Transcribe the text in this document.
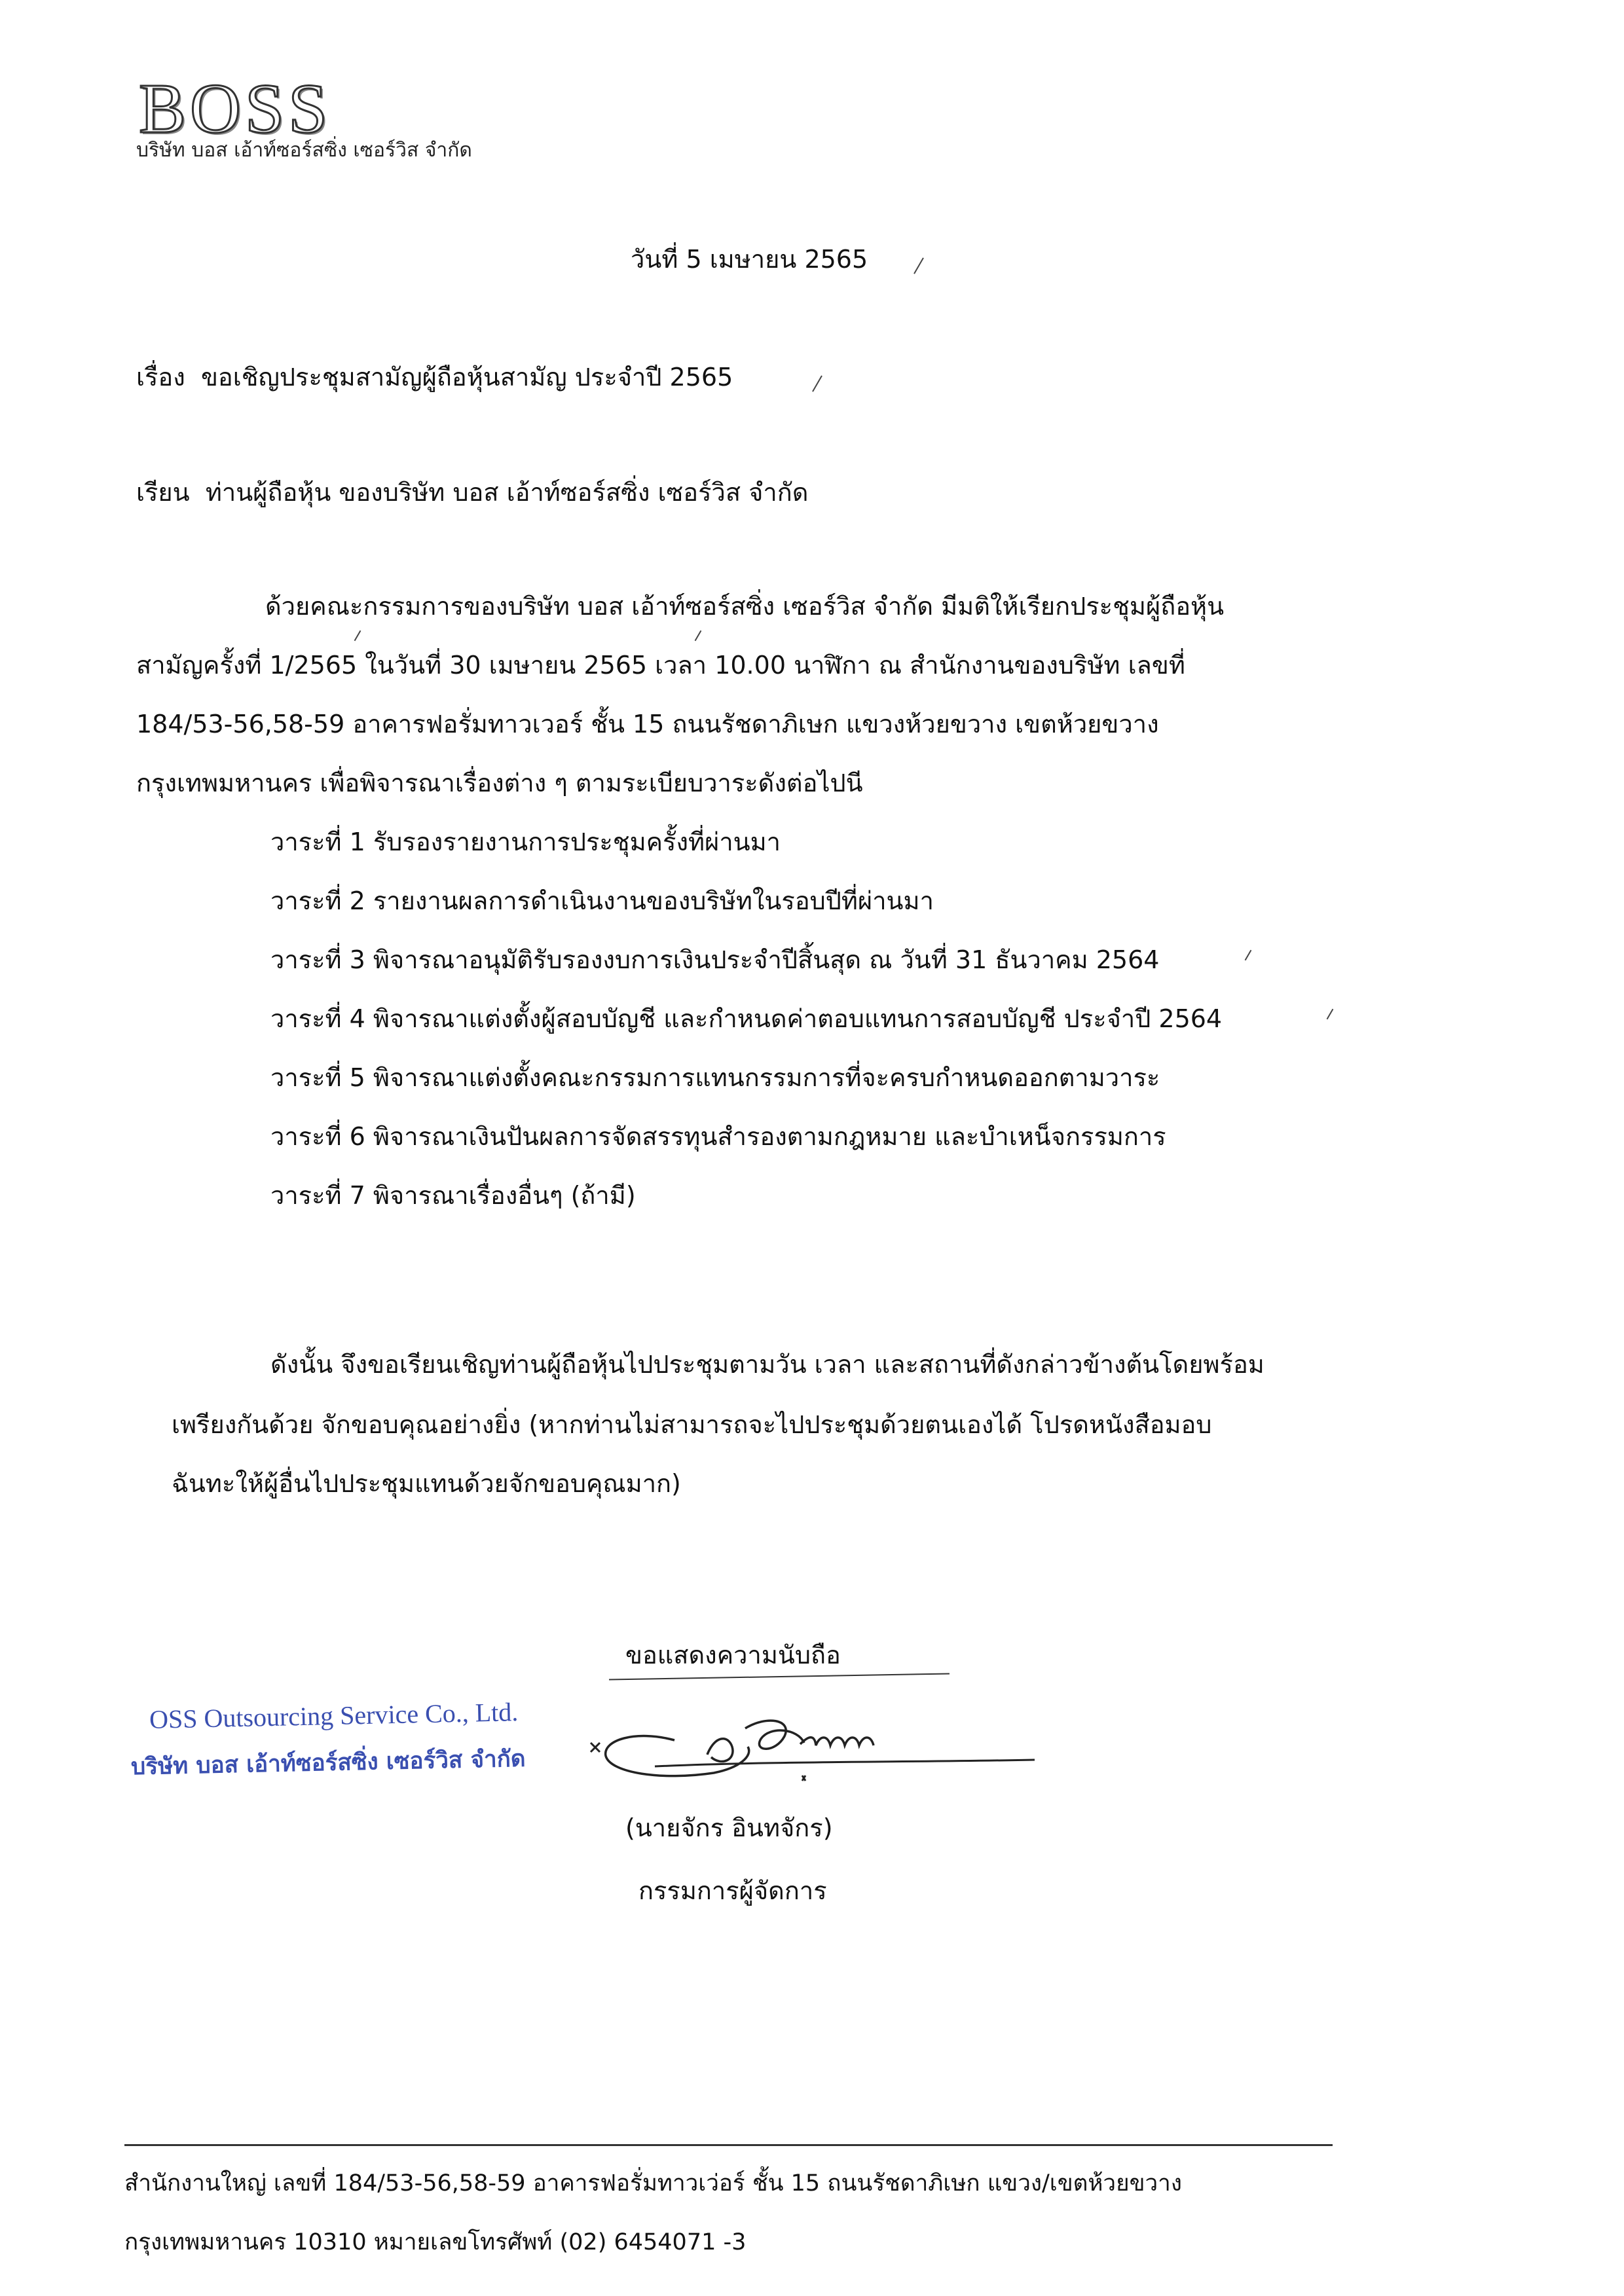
BOSS
บริษัท บอส เอ้าท์ซอร์สซิ่ง เซอร์วิส จำกัด
วันที่ 5 เมษายน 2565
เรื่อง ขอเชิญประชุมสามัญผู้ถือหุ้นสามัญ ประจำปี 2565
เรียน ท่านผู้ถือหุ้น ของบริษัท บอส เอ้าท์ซอร์สซิ่ง เซอร์วิส จำกัด
ด้วยคณะกรรมการของบริษัท บอส เอ้าท์ซอร์สซิ่ง เซอร์วิส จำกัด มีมติให้เรียกประชุมผู้ถือหุ้น
สามัญครั้งที่ 1/2565 ในวันที่ 30 เมษายน 2565 เวลา 10.00 นาฬิกา ณ สำนักงานของบริษัท เลขที่
184/53-56,58-59 อาคารฟอรั่มทาวเวอร์ ชั้น 15 ถนนรัชดาภิเษก แขวงห้วยขวาง เขตห้วยขวาง
กรุงเทพมหานคร เพื่อพิจารณาเรื่องต่าง ๆ ตามระเบียบวาระดังต่อไปนี
วาระที่ 1 รับรองรายงานการประชุมครั้งที่ผ่านมา
วาระที่ 2 รายงานผลการดำเนินงานของบริษัทในรอบปีที่ผ่านมา
วาระที่ 3 พิจารณาอนุมัติรับรองงบการเงินประจำปีสิ้นสุด ณ วันที่ 31 ธันวาคม 2564
วาระที่ 4 พิจารณาแต่งตั้งผู้สอบบัญชี และกำหนดค่าตอบแทนการสอบบัญชี ประจำปี 2564
วาระที่ 5 พิจารณาแต่งตั้งคณะกรรมการแทนกรรมการที่จะครบกำหนดออกตามวาระ
วาระที่ 6 พิจารณาเงินปันผลการจัดสรรทุนสำรองตามกฎหมาย และบำเหน็จกรรมการ
วาระที่ 7 พิจารณาเรื่องอื่นๆ (ถ้ามี)
ดังนั้น จึงขอเรียนเชิญท่านผู้ถือหุ้นไปประชุมตามวัน เวลา และสถานที่ดังกล่าวข้างต้นโดยพร้อม
เพรียงกันด้วย จักขอบคุณอย่างยิ่ง (หากท่านไม่สามารถจะไปประชุมด้วยตนเองได้ โปรดหนังสือมอบ
ฉันทะให้ผู้อื่นไปประชุมแทนด้วยจักขอบคุณมาก)
ขอแสดงความนับถือ
OSS Outsourcing Service Co., Ltd.
บริษัท บอส เอ้าท์ซอร์สซิ่ง เซอร์วิส จำกัด
(นายจักร อินทจักร)
กรรมการผู้จัดการ
สำนักงานใหญ่ เลขที่ 184/53-56,58-59 อาคารฟอรั่มทาวเว่อร์ ชั้น 15 ถนนรัชดาภิเษก แขวง/เขตห้วยขวาง
กรุงเทพมหานคร 10310 หมายเลขโทรศัพท์ (02) 6454071 -3
